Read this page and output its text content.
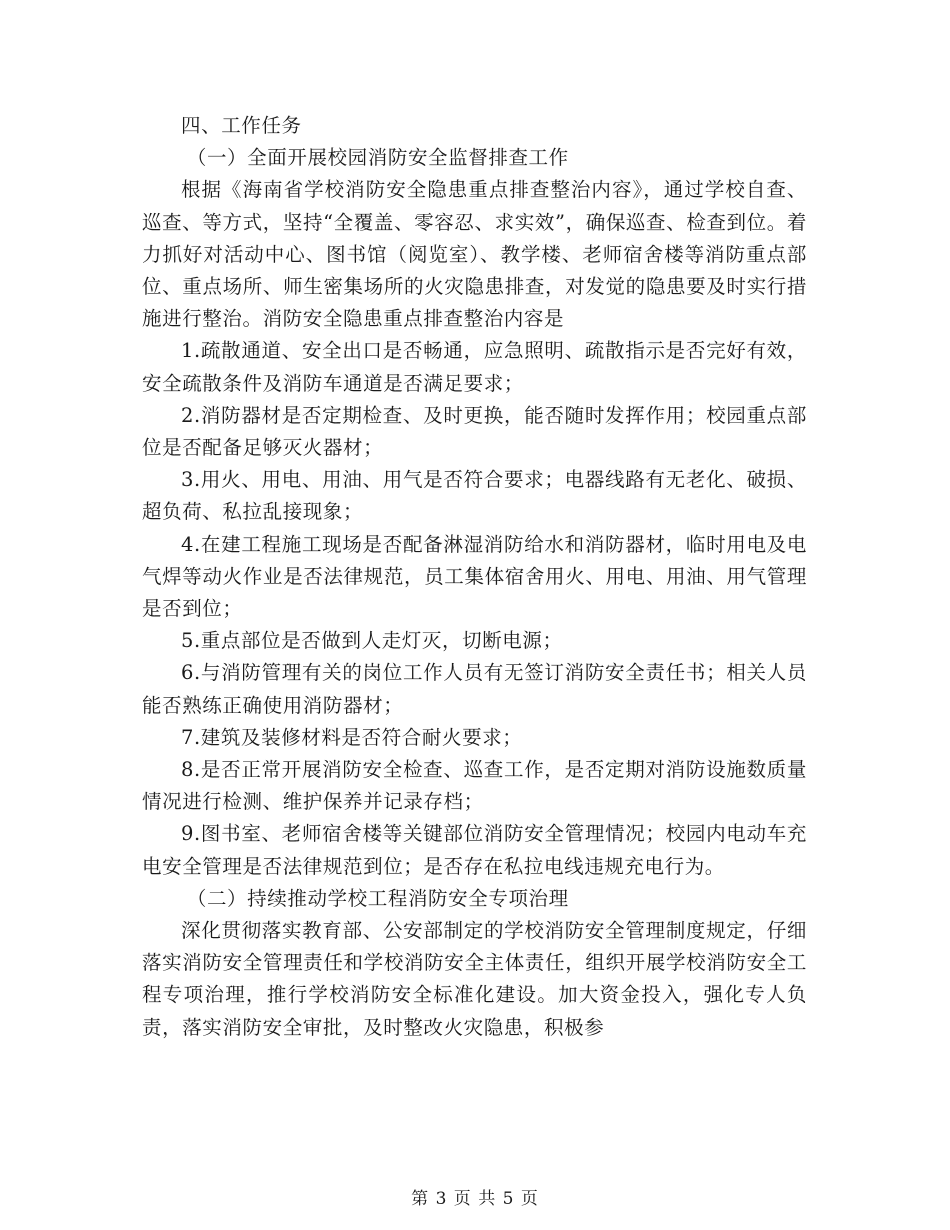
四、工作任务

（一）全面开展校园消防安全监督排查工作

根据《海南省学校消防安全隐患重点排查整治内容》，通过学校自查、巡查、等方式，坚持“全覆盖、零容忍、求实效”，确保巡查、检查到位。着力抓好对活动中心、图书馆（阅览室）、教学楼、老师宿舍楼等消防重点部位、重点场所、师生密集场所的火灾隐患排查，对发觉的隐患要及时实行措施进行整治。消防安全隐患重点排查整治内容是

1.疏散通道、安全出口是否畅通，应急照明、疏散指示是否完好有效，安全疏散条件及消防车通道是否满足要求；

2.消防器材是否定期检查、及时更换，能否随时发挥作用；校园重点部位是否配备足够灭火器材；

3.用火、用电、用油、用气是否符合要求；电器线路有无老化、破损、超负荷、私拉乱接现象；

4.在建工程施工现场是否配备淋湿消防给水和消防器材，临时用电及电气焊等动火作业是否法律规范，员工集体宿舍用火、用电、用油、用气管理是否到位；

5.重点部位是否做到人走灯灭，切断电源；

6.与消防管理有关的岗位工作人员有无签订消防安全责任书；相关人员能否熟练正确使用消防器材；

7.建筑及装修材料是否符合耐火要求；

8.是否正常开展消防安全检查、巡查工作，是否定期对消防设施数质量情况进行检测、维护保养并记录存档；

9.图书室、老师宿舍楼等关键部位消防安全管理情况；校园内电动车充电安全管理是否法律规范到位；是否存在私拉电线违规充电行为。

（二）持续推动学校工程消防安全专项治理

深化贯彻落实教育部、公安部制定的学校消防安全管理制度规定，仔细落实消防安全管理责任和学校消防安全主体责任，组织开展学校消防安全工程专项治理，推行学校消防安全标准化建设。加大资金投入，强化专人负责，落实消防安全审批，及时整改火灾隐患，积极参

第 3 页 共 5 页
